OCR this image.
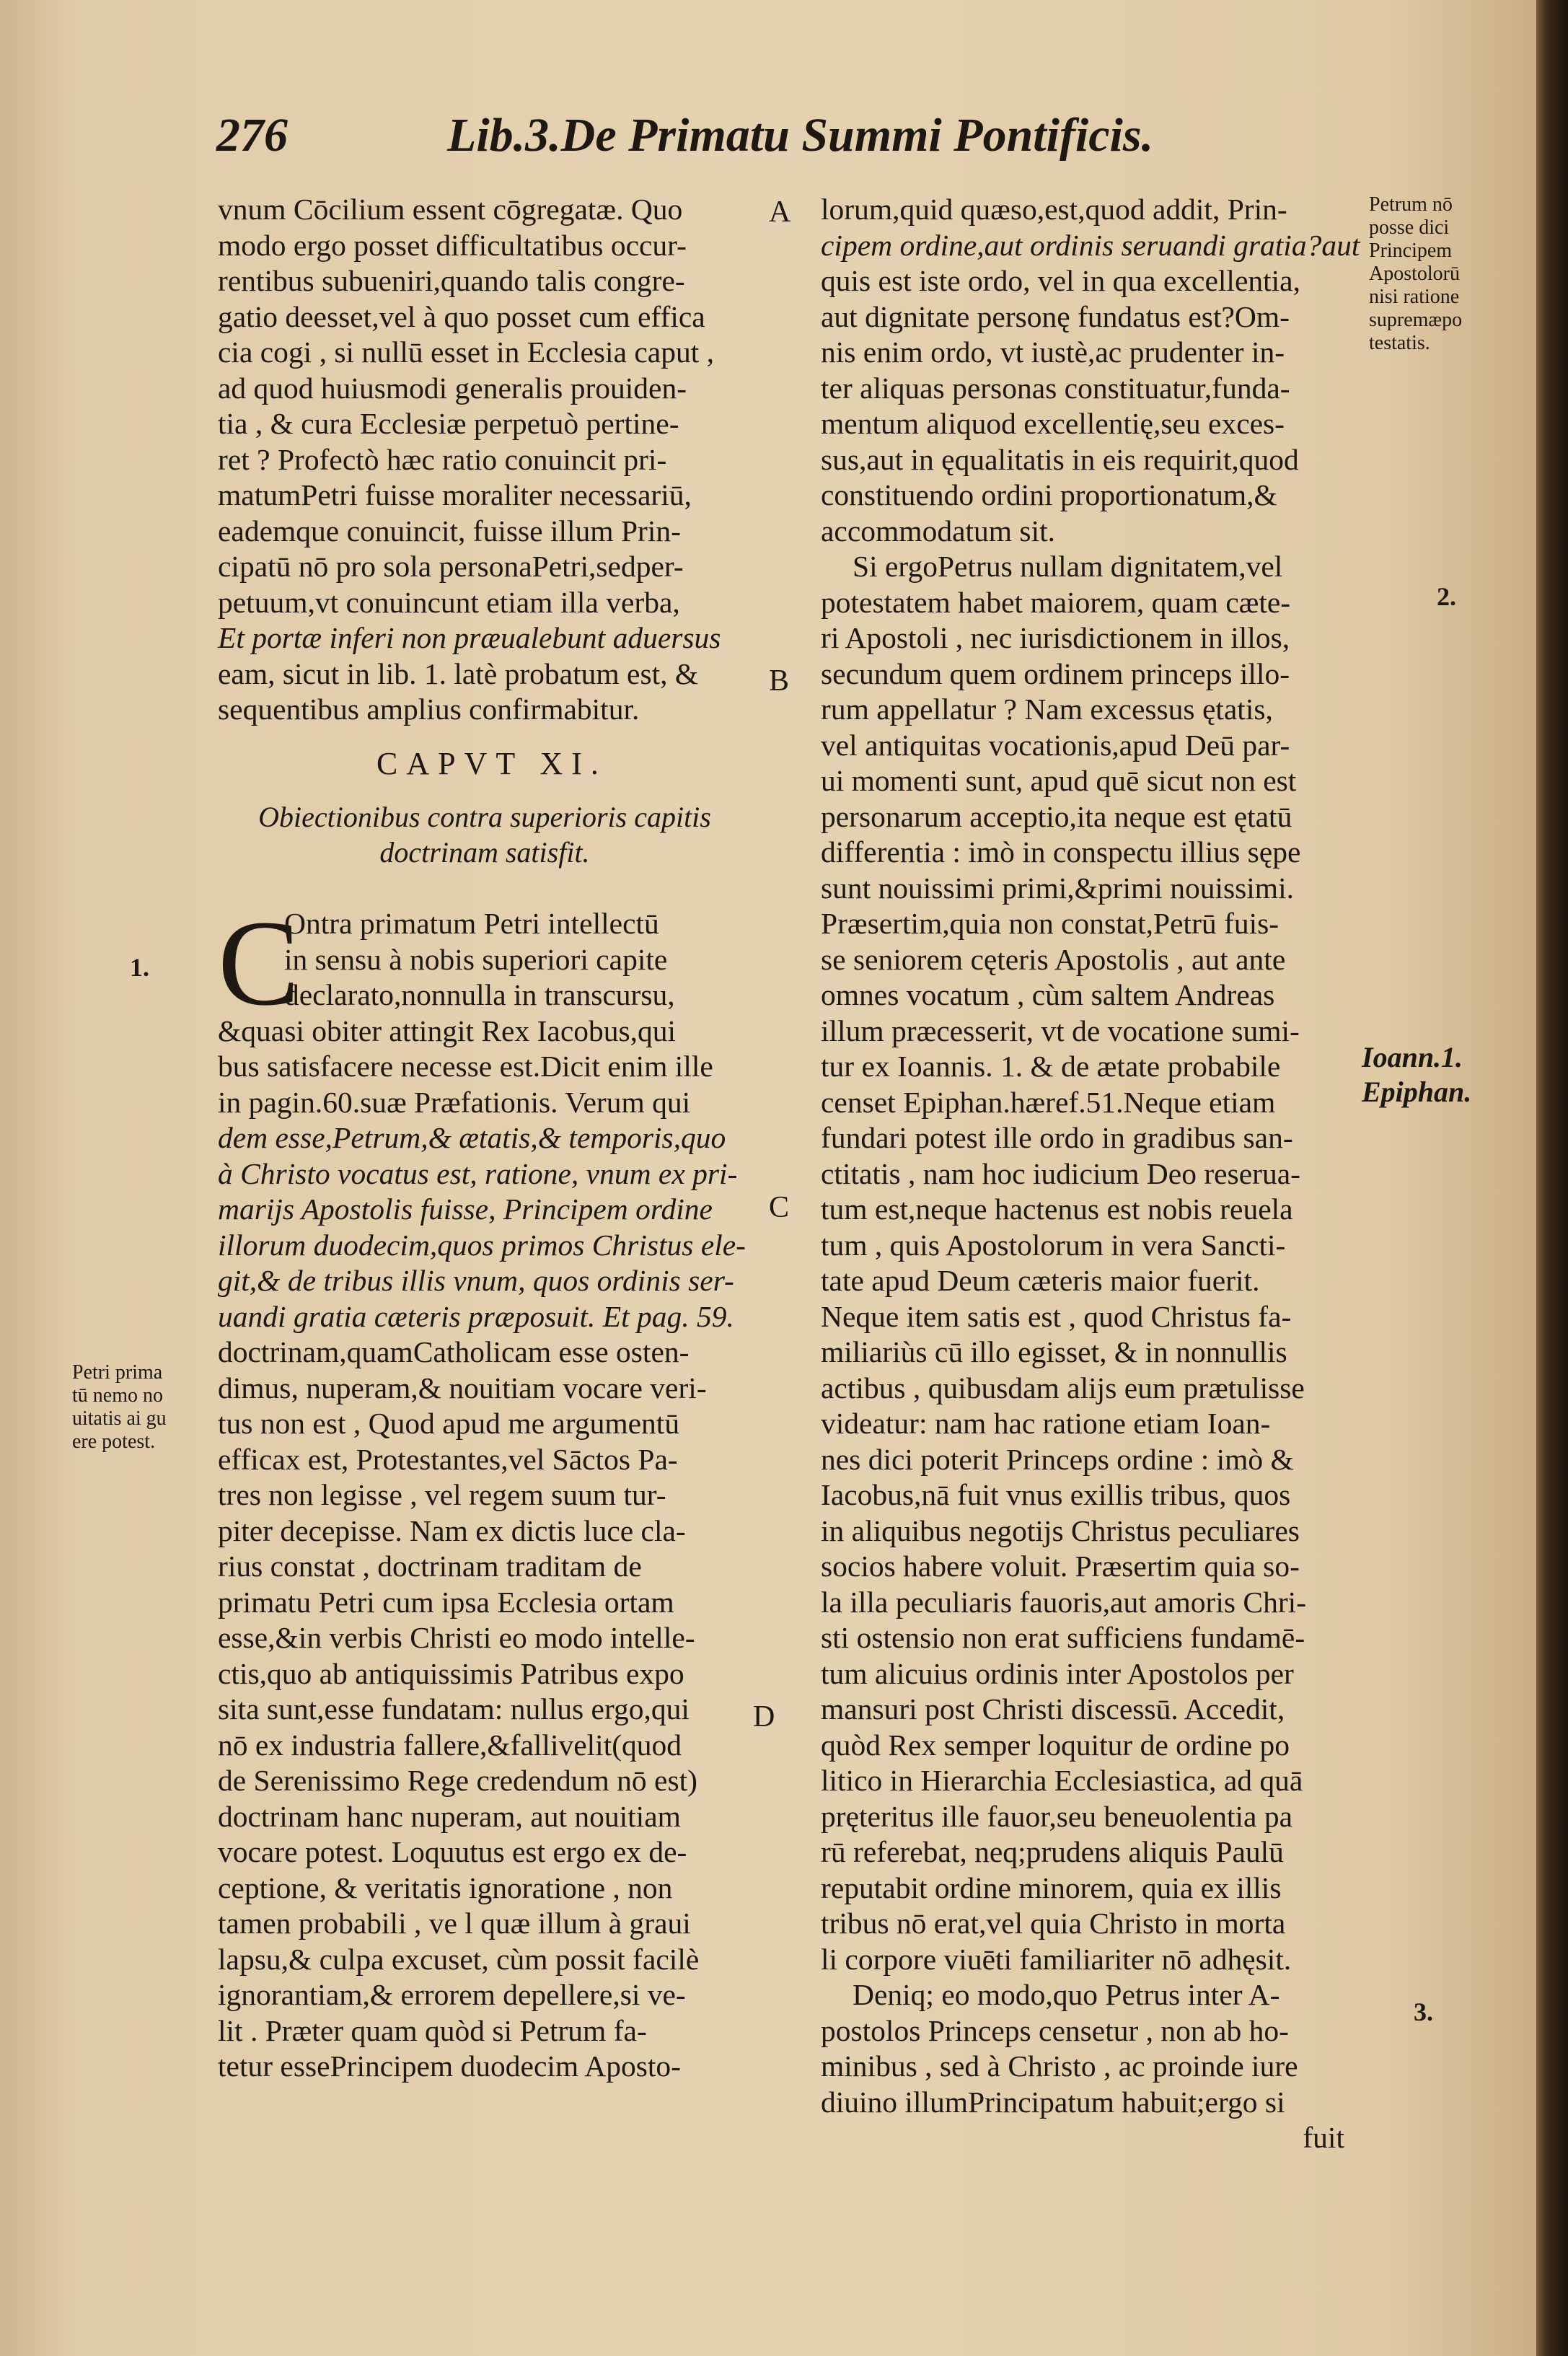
276	Lib.3.De Primatu Summi Pontificis.
vnum Cōcilium essent cōgregatæ. Quo
modo ergo posset difficultatibus occur-
rentibus subueniri,quando talis congre-
gatio deesset,vel à quo posset cum effica
cia cogi , si nullū esset in Ecclesia caput ,
ad quod huiusmodi generalis prouiden-
tia , & cura Ecclesiæ perpetuò pertine-
ret ? Profectò hæc ratio conuincit pri-
matumPetri fuisse moraliter necessariū,
eademque conuincit, fuisse illum Prin-
cipatū nō pro sola personaPetri,sedper-
petuum,vt conuincunt etiam illa verba,
Et portæ inferi non præualebunt aduersus
eam, sicut in lib. 1. latè probatum est, &
sequentibus amplius confirmabitur.
CAPVT XI.
Obiectionibus contra superioris capitis
doctrinam satisfit.
C
Ontra primatum Petri intellectū
in sensu à nobis superiori capite
declarato,nonnulla in transcursu,
&quasi obiter attingit Rex Iacobus,qui
bus satisfacere necesse est.Dicit enim ille
in pagin.60.suæ Præfationis. Verum qui
dem esse,Petrum,& ætatis,& temporis,quo
à Christo vocatus est, ratione, vnum ex pri-
marijs Apostolis fuisse, Principem ordine
illorum duodecim,quos primos Christus ele-
git,& de tribus illis vnum, quos ordinis ser-
uandi gratia cæteris præposuit. Et pag. 59.
doctrinam,quamCatholicam esse osten-
dimus, nuperam,& nouitiam vocare veri-
tus non est , Quod apud me argumentū
efficax est, Protestantes,vel Sāctos Pa-
tres non legisse , vel regem suum tur-
piter decepisse. Nam ex dictis luce cla-
rius constat , doctrinam traditam de
primatu Petri cum ipsa Ecclesia ortam
esse,&in verbis Christi eo modo intelle-
ctis,quo ab antiquissimis Patribus expo
sita sunt,esse fundatam: nullus ergo,qui
nō ex industria fallere,&fallivelit(quod
de Serenissimo Rege credendum nō est)
doctrinam hanc nuperam, aut nouitiam
vocare potest. Loquutus est ergo ex de-
ceptione, & veritatis ignoratione , non
tamen probabili , ve l quæ illum à graui
lapsu,& culpa excuset, cùm possit facilè
ignorantiam,& errorem depellere,si ve-
lit . Præter quam quòd si Petrum fa-
tetur essePrincipem duodecim Aposto-
lorum,quid quæso,est,quod addit, Prin-
cipem ordine,aut ordinis seruandi gratia?aut
quis est iste ordo, vel in qua excellentia,
aut dignitate personę fundatus est?Om-
nis enim ordo, vt iustè,ac prudenter in-
ter aliquas personas constituatur,funda-
mentum aliquod excellentię,seu exces-
sus,aut in ęqualitatis in eis requirit,quod
constituendo ordini proportionatum,&
accommodatum sit.
Si ergoPetrus nullam dignitatem,vel
potestatem habet maiorem, quam cæte-
ri Apostoli , nec iurisdictionem in illos,
secundum quem ordinem princeps illo-
rum appellatur ? Nam excessus ętatis,
vel antiquitas vocationis,apud Deū par-
ui momenti sunt, apud quē sicut non est
personarum acceptio,ita neque est ętatū
differentia : imò in conspectu illius sępe
sunt nouissimi primi,&primi nouissimi.
Præsertim,quia non constat,Petrū fuis-
se seniorem cęteris Apostolis , aut ante
omnes vocatum , cùm saltem Andreas
illum præcesserit, vt de vocatione sumi-
tur ex Ioannis. 1. & de ætate probabile
censet Epiphan.hæref.51.Neque etiam
fundari potest ille ordo in gradibus san-
ctitatis , nam hoc iudicium Deo reserua-
tum est,neque hactenus est nobis reuela
tum , quis Apostolorum in vera Sancti-
tate apud Deum cæteris maior fuerit.
Neque item satis est , quod Christus fa-
miliariùs cū illo egisset, & in nonnullis
actibus , quibusdam alijs eum prætulisse
videatur: nam hac ratione etiam Ioan-
nes dici poterit Princeps ordine : imò &
Iacobus,nā fuit vnus exillis tribus, quos
in aliquibus negotijs Christus peculiares
socios habere voluit. Præsertim quia so-
la illa peculiaris fauoris,aut amoris Chri-
sti ostensio non erat sufficiens fundamē-
tum alicuius ordinis inter Apostolos per
mansuri post Christi discessū. Accedit,
quòd Rex semper loquitur de ordine po
litico in Hierarchia Ecclesiastica, ad quā
pręteritus ille fauor,seu beneuolentia pa
rū referebat, neq;prudens aliquis Paulū
reputabit ordine minorem, quia ex illis
tribus nō erat,vel quia Christo in morta
li corpore viuēti familiariter nō adhęsit.
Deniq; eo modo,quo Petrus inter A-
postolos Princeps censetur , non ab ho-
minibus , sed à Christo , ac proinde iure
diuino illumPrincipatum habuit;ergo si
fuit
A
B
C
D
1.
Petri prima
tū nemo no
uitatis ai gu
ere potest.
Petrum nō
posse dici
Principem
Apostolorū
nisi ratione
supremæpo
testatis.
2.
Ioann.1.
Epiphan.
3.
